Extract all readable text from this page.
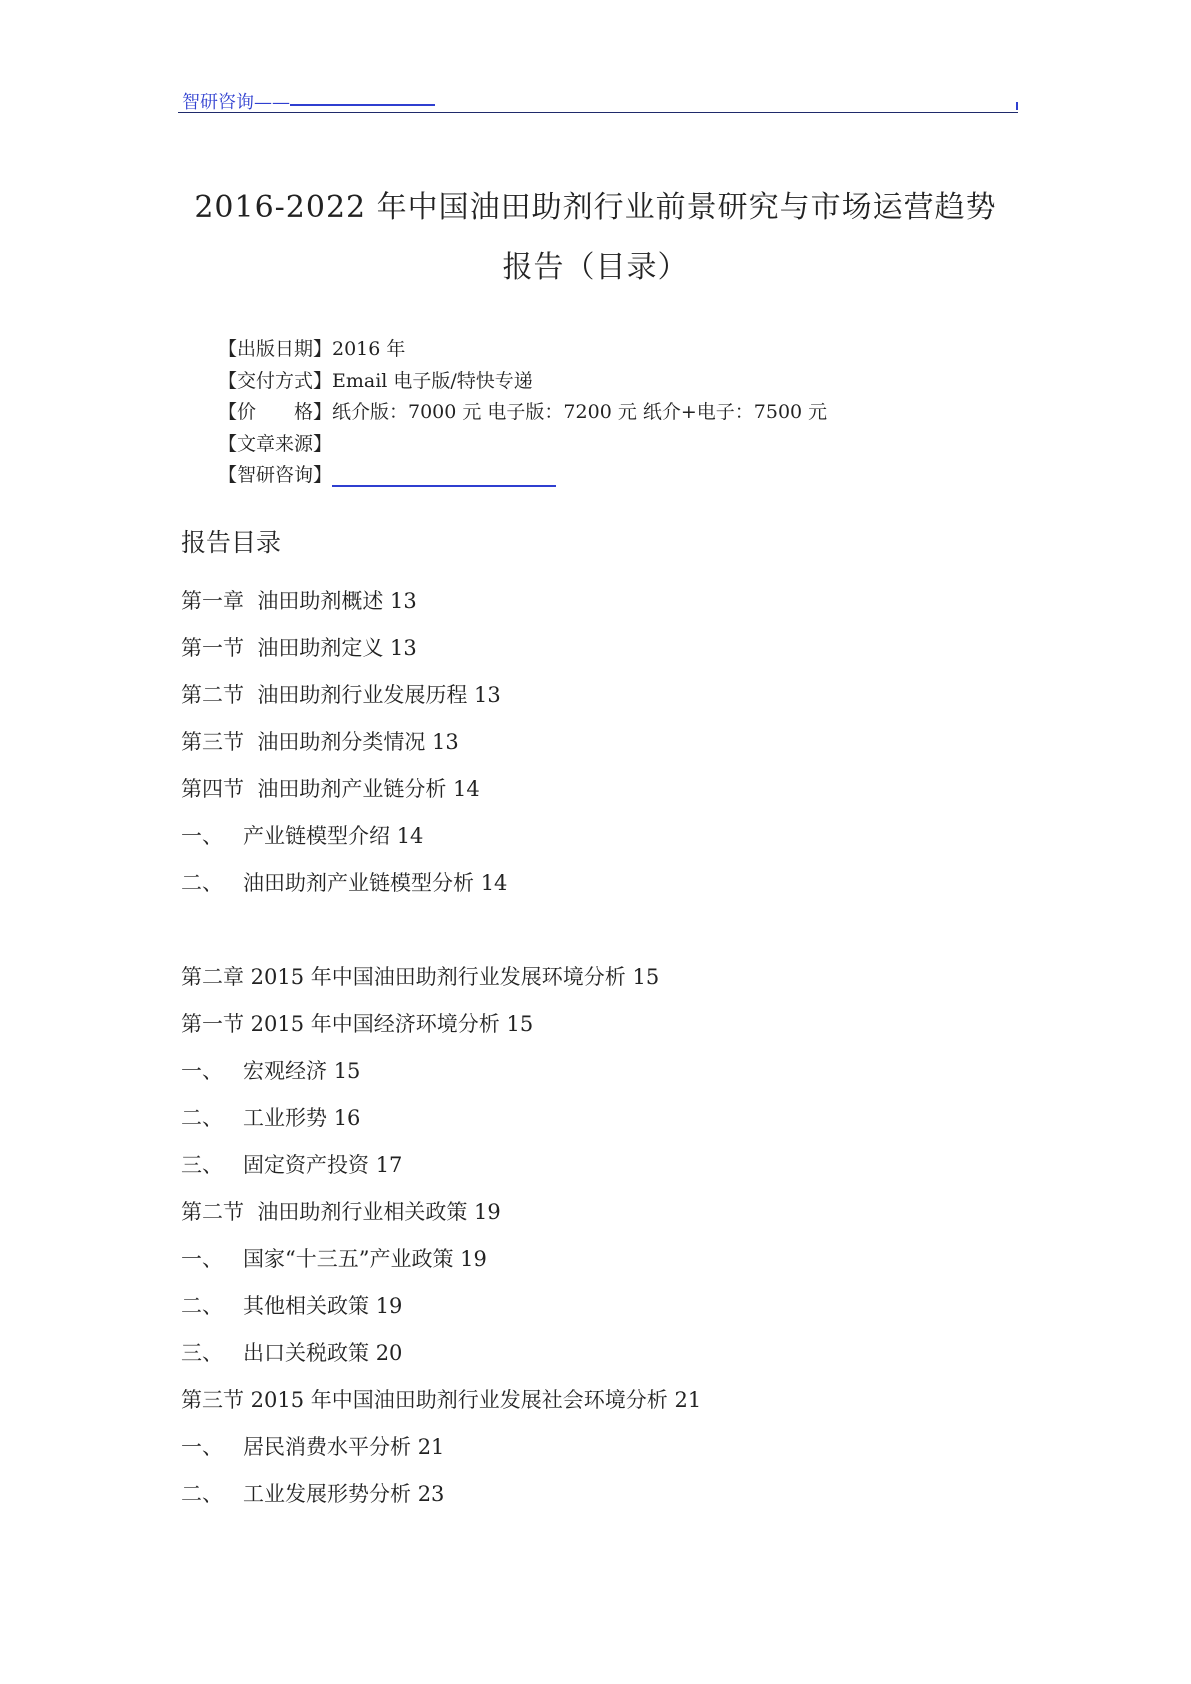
智研咨询——
2016-2022 年中国油田助剂行业前景研究与市场运营趋势
报告（目录）
【出版日期】2016 年
【交付方式】Email 电子版/特快专递
【价　　格】纸介版：7000 元 电子版：7200 元 纸介+电子：7500 元
【文章来源】
【智研咨询】
报告目录
第一章  油田助剂概述 13
第一节  油田助剂定义 13
第二节  油田助剂行业发展历程 13
第三节  油田助剂分类情况 13
第四节  油田助剂产业链分析 14
一、   产业链模型介绍 14
二、   油田助剂产业链模型分析 14
第二章 2015 年中国油田助剂行业发展环境分析 15
第一节 2015 年中国经济环境分析 15
一、   宏观经济 15
二、   工业形势 16
三、   固定资产投资 17
第二节  油田助剂行业相关政策 19
一、   国家“十三五”产业政策 19
二、   其他相关政策 19
三、   出口关税政策 20
第三节 2015 年中国油田助剂行业发展社会环境分析 21
一、   居民消费水平分析 21
二、   工业发展形势分析 23
